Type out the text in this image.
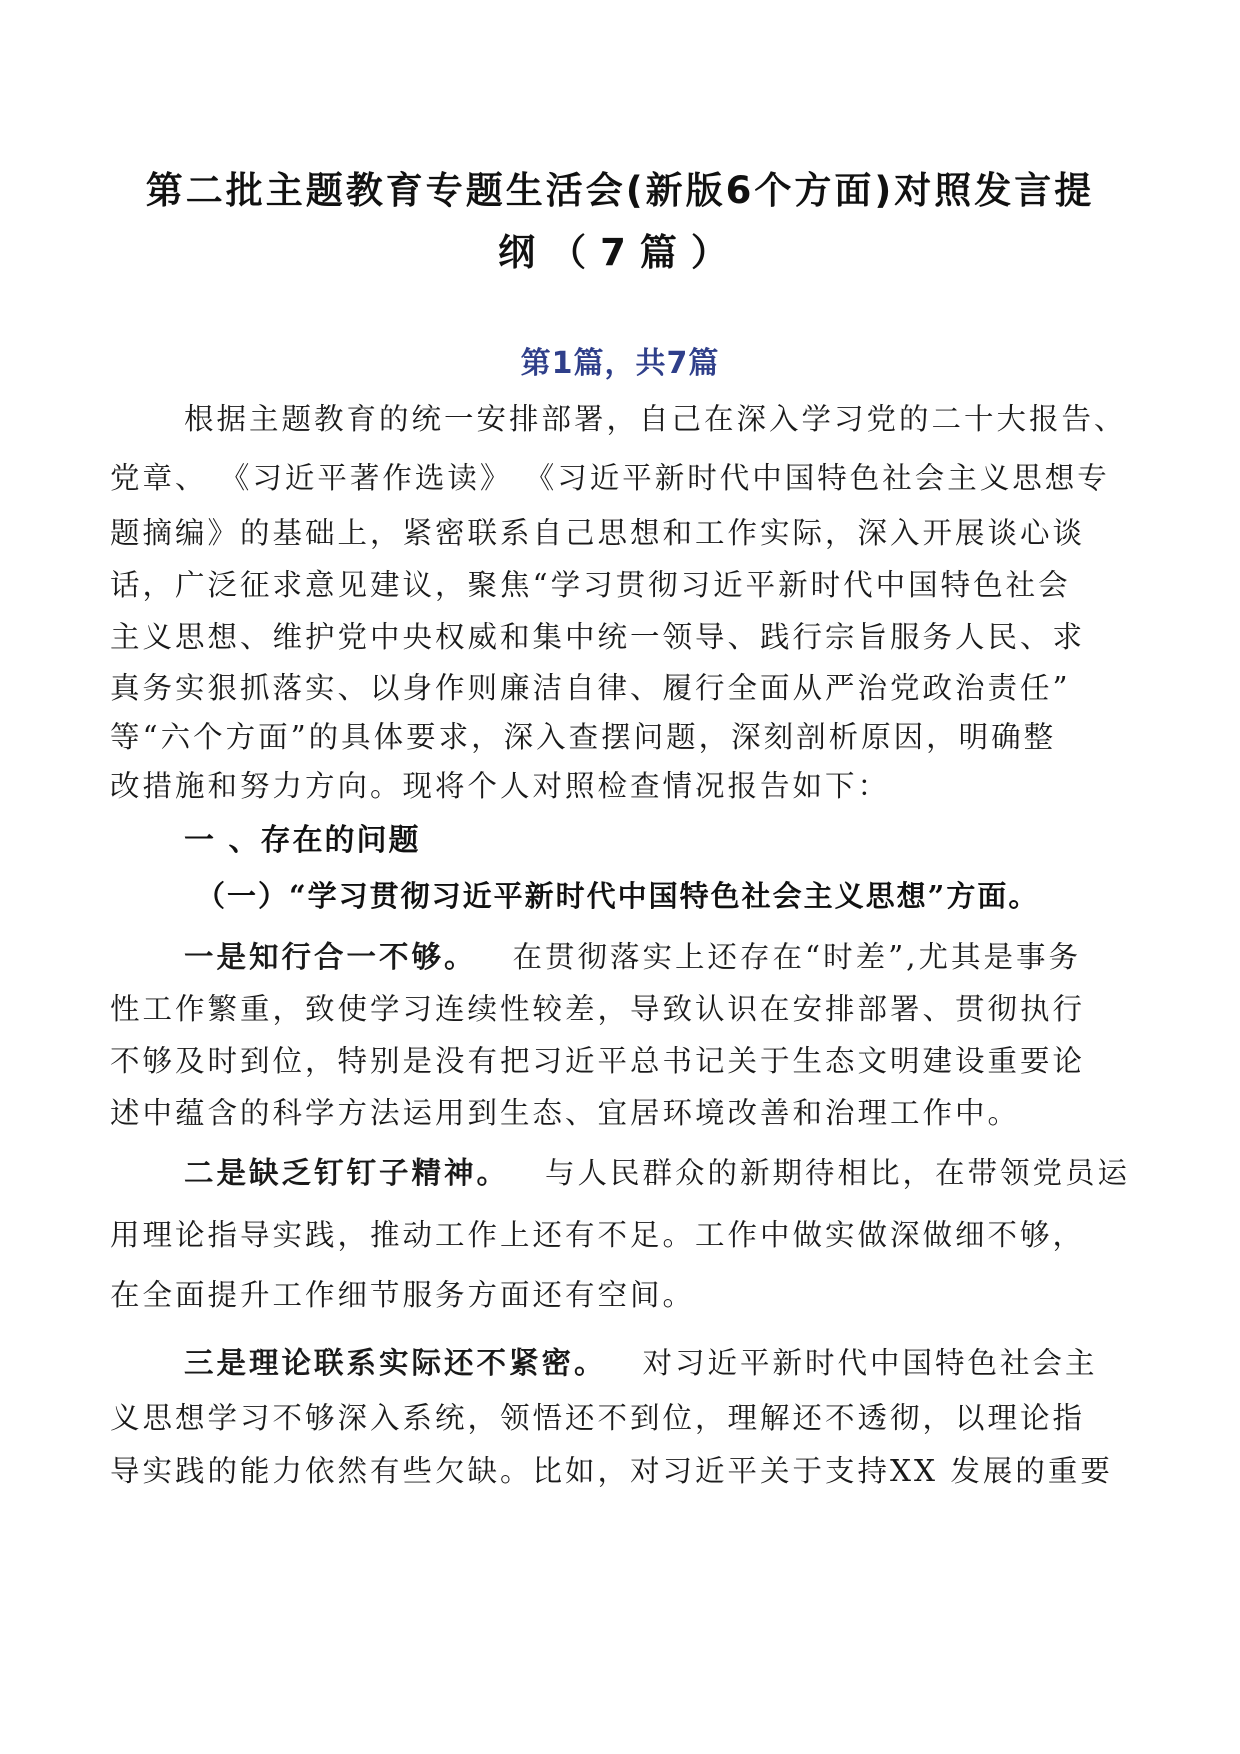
第二批主题教育专题生活会(新版6个方面)对照发言提
纲（7篇）
第1篇，共7篇
根据主题教育的统一安排部署，自己在深入学习党的二十大报告、
党章、 《习近平著作选读》 《习近平新时代中国特色社会主义思想专
题摘编》的基础上，紧密联系自己思想和工作实际，深入开展谈心谈
话，广泛征求意见建议，聚焦“学习贯彻习近平新时代中国特色社会
主义思想、维护党中央权威和集中统一领导、践行宗旨服务人民、求
真务实狠抓落实、以身作则廉洁自律、履行全面从严治党政治责任”
等“六个方面”的具体要求，深入查摆问题，深刻剖析原因，明确整
改措施和努力方向。现将个人对照检查情况报告如下：
一 、存在的问题
（一）“学习贯彻习近平新时代中国特色社会主义思想”方面。
一是知行合一不够。 在贯彻落实上还存在“时差”,尤其是事务
性工作繁重，致使学习连续性较差，导致认识在安排部署、贯彻执行
不够及时到位，特别是没有把习近平总书记关于生态文明建设重要论
述中蕴含的科学方法运用到生态、宜居环境改善和治理工作中。
二是缺乏钉钉子精神。 与人民群众的新期待相比，在带领党员运
用理论指导实践，推动工作上还有不足。工作中做实做深做细不够，
在全面提升工作细节服务方面还有空间。
三是理论联系实际还不紧密。 对习近平新时代中国特色社会主
义思想学习不够深入系统，领悟还不到位，理解还不透彻，以理论指
导实践的能力依然有些欠缺。比如，对习近平关于支持XX 发展的重要
